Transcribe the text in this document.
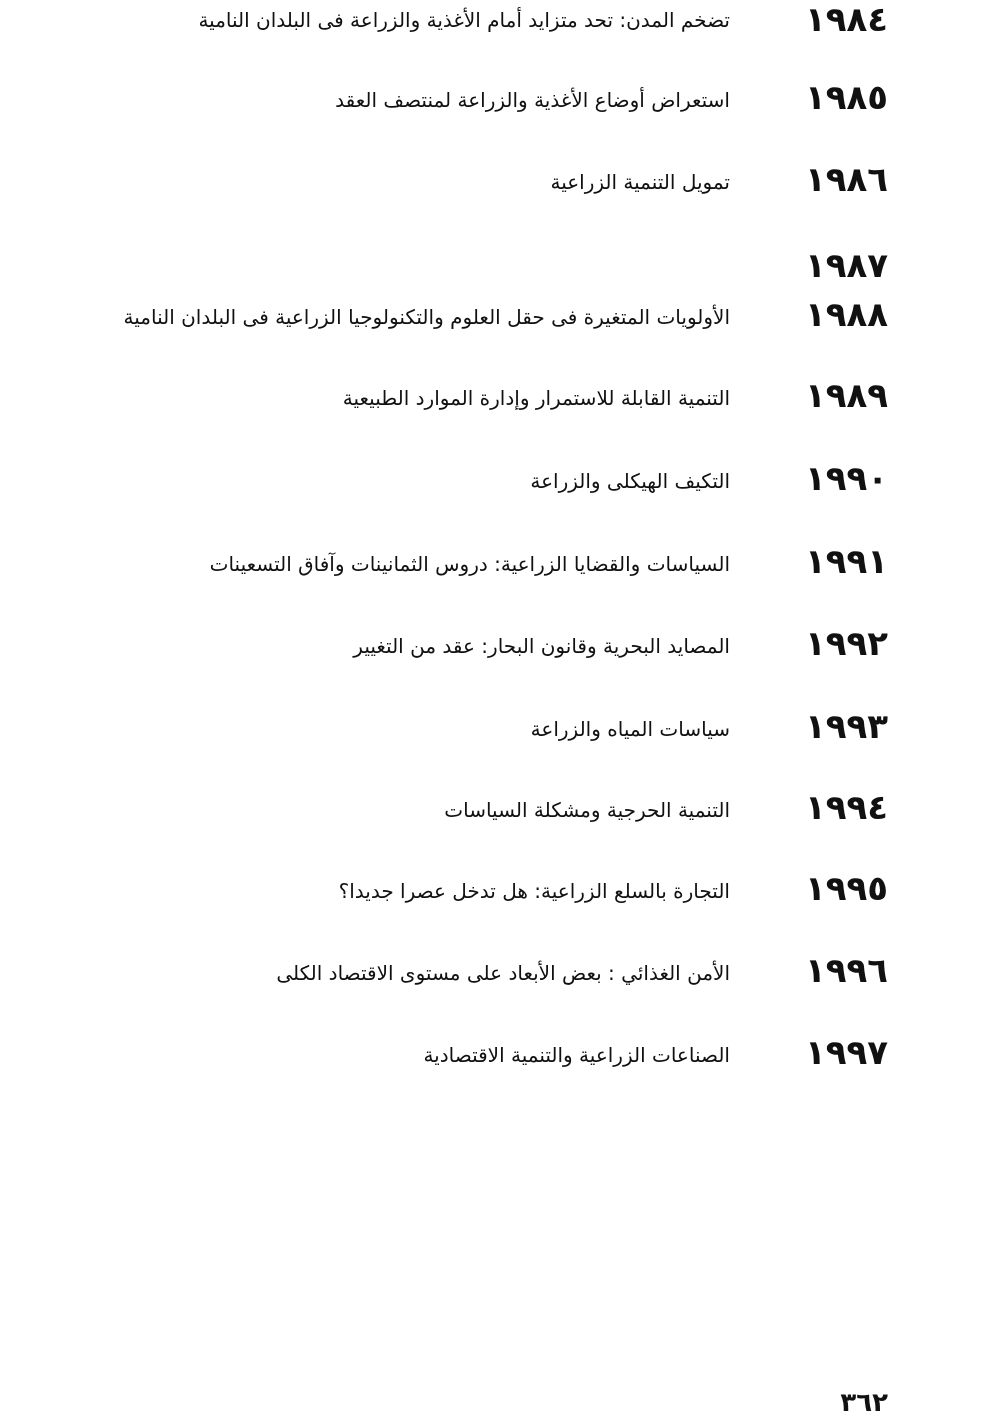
١٩٨٤
تضخم المدن: تحد متزايد أمام الأغذية والزراعة فى البلدان النامية
١٩٨٥
استعراض أوضاع الأغذية والزراعة لمنتصف العقد
١٩٨٦
تمويل التنمية الزراعية
١٩٨٧
١٩٨٨
الأولويات المتغيرة فى حقل العلوم والتكنولوجيا الزراعية فى البلدان النامية
١٩٨٩
التنمية القابلة للاستمرار وإدارة الموارد الطبيعية
١٩٩٠
التكيف الهيكلى والزراعة
١٩٩١
السياسات والقضايا الزراعية: دروس الثمانينات وآفاق التسعينات
١٩٩٢
المصايد البحرية وقانون البحار: عقد من التغيير
١٩٩٣
سياسات المياه والزراعة
١٩٩٤
التنمية الحرجية ومشكلة السياسات
١٩٩٥
التجارة بالسلع الزراعية: هل تدخل عصرا جديدا؟
١٩٩٦
الأمن الغذائي : بعض الأبعاد على مستوى الاقتصاد الكلى
١٩٩٧
الصناعات الزراعية والتنمية الاقتصادية
٣٦٢
